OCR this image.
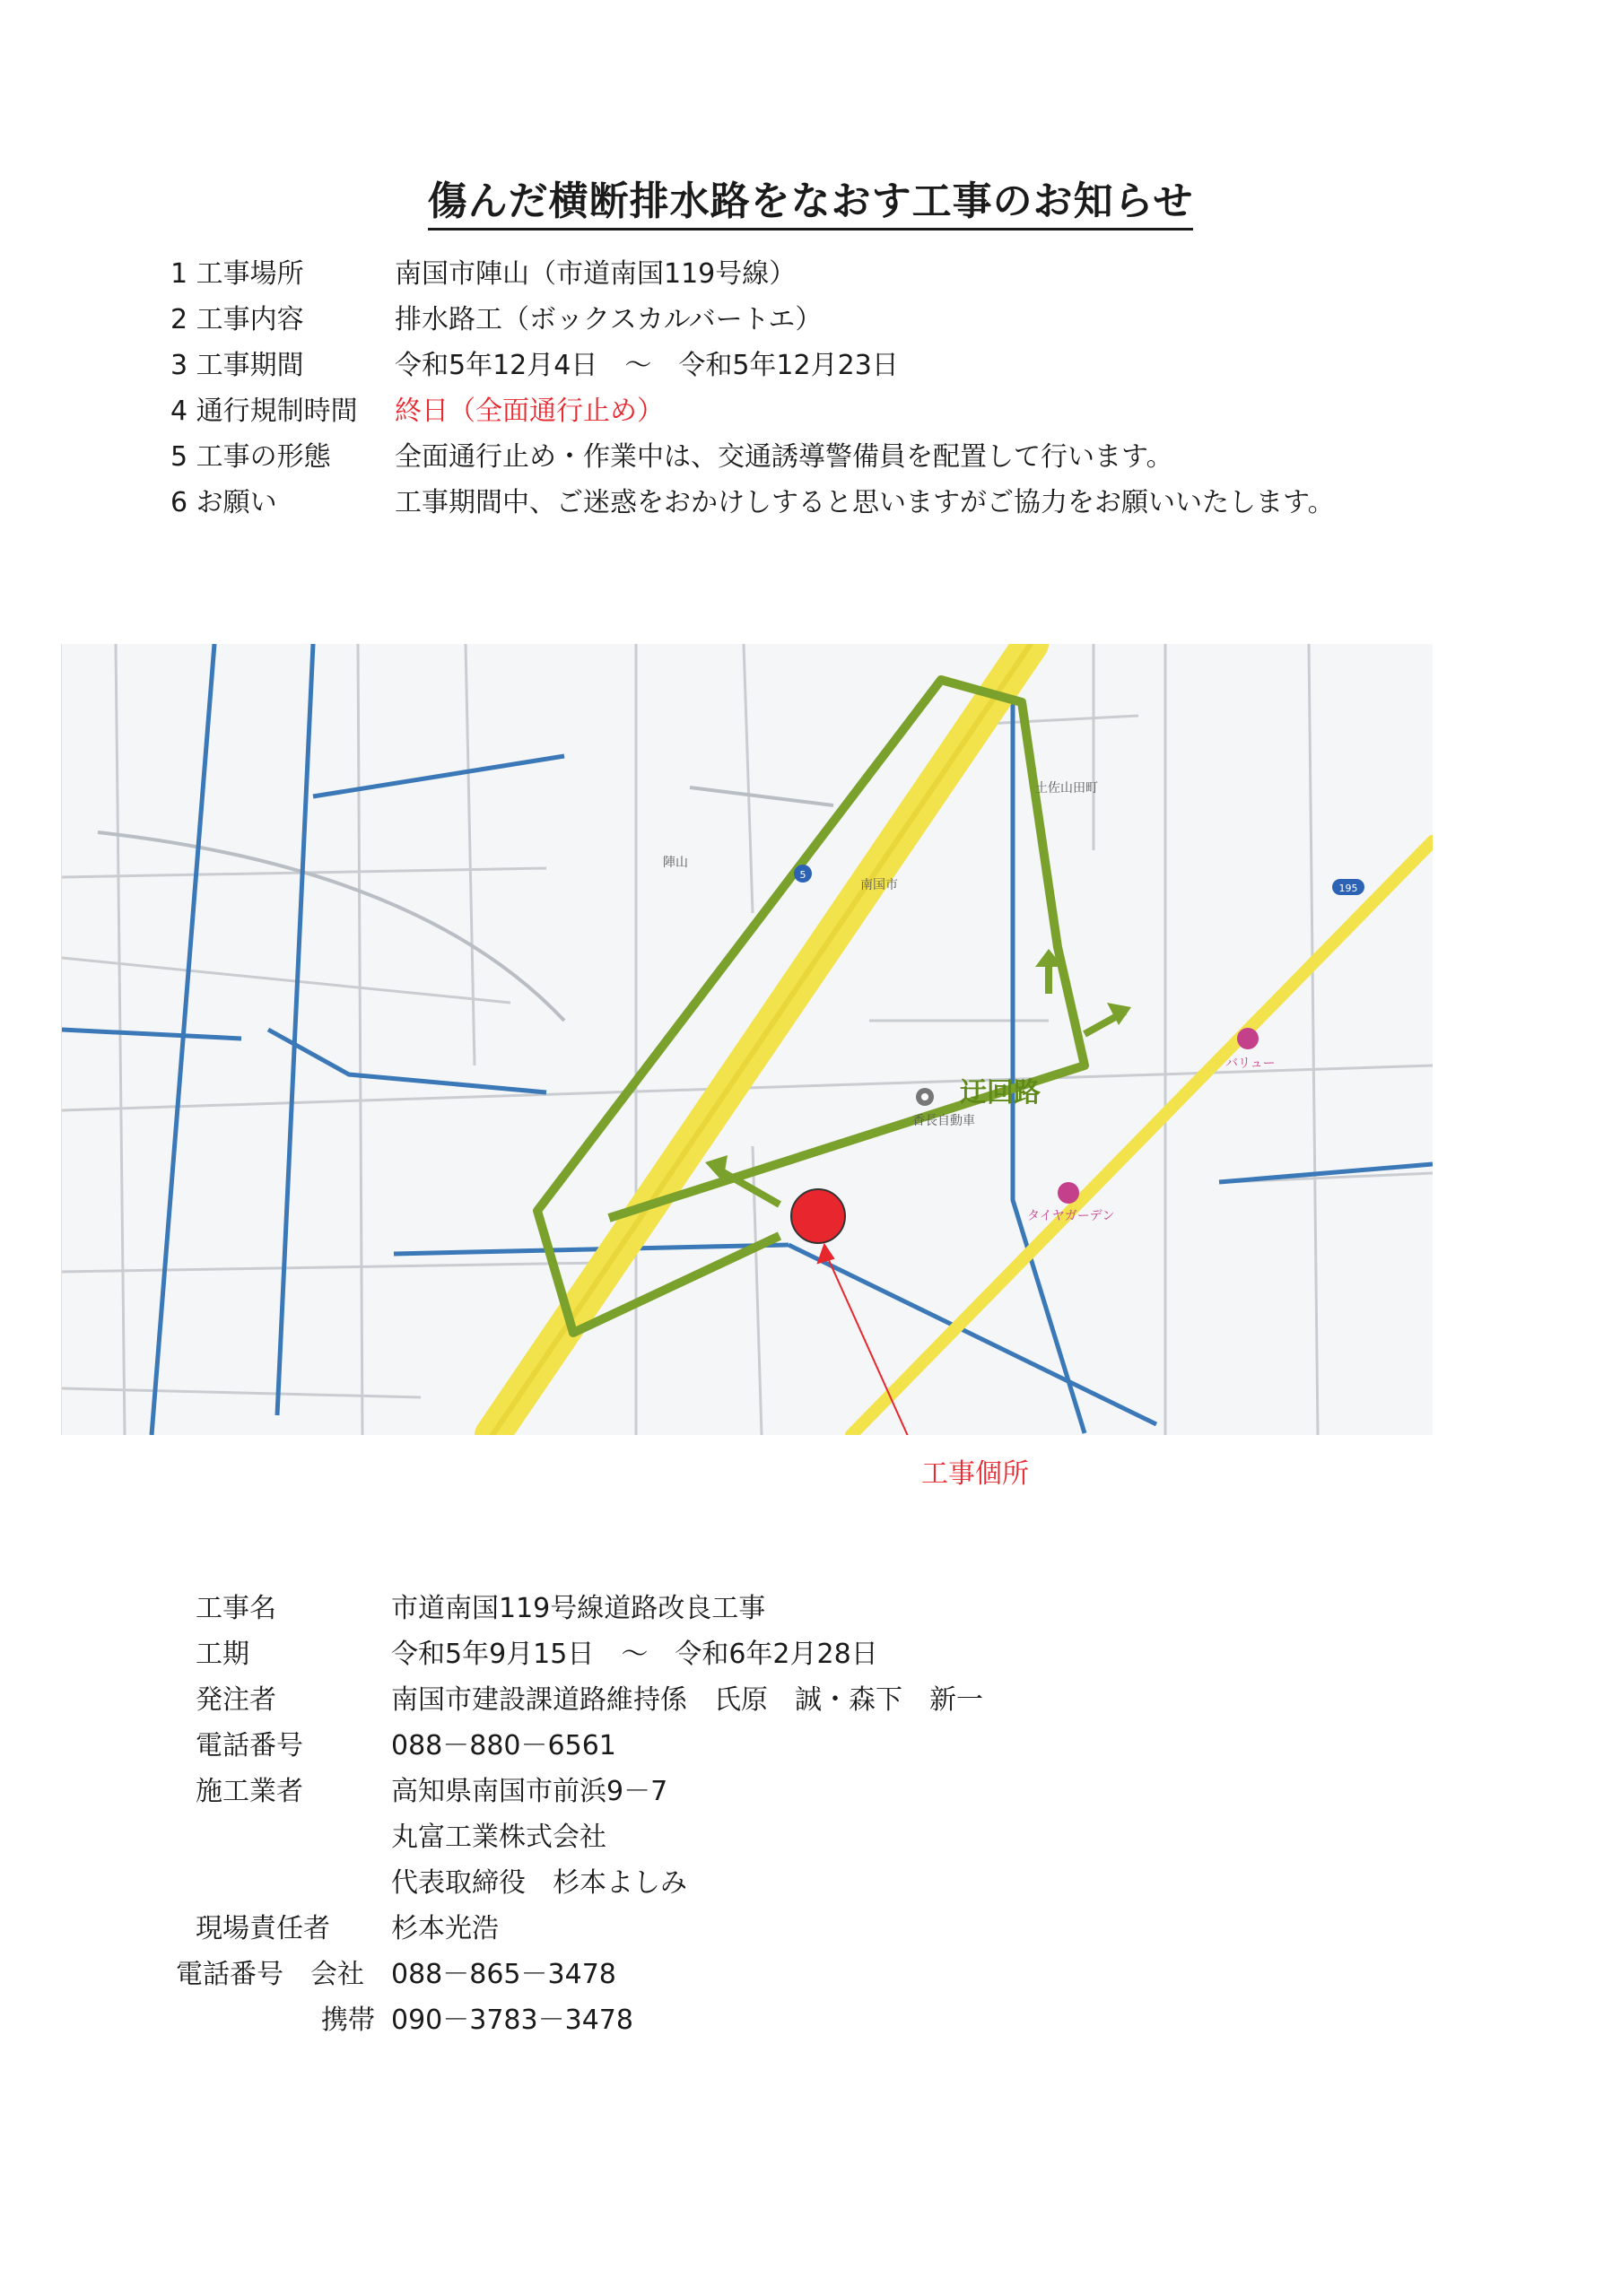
傷んだ横断排水路をなおす工事のお知らせ
1 工事場所	南国市陣山（市道南国119号線）
2 工事内容	排水路工（ボックスカルバートエ）
3 工事期間	令和5年12月4日　～　令和5年12月23日
4 通行規制時間 終日（全面通行止め）
5 工事の形態 全面通行止め・作業中は、交通誘導警備員を配置して行います。
6 お願い	工事期間中、ご迷惑をおかけしすると思いますがご協力をお願いいたします。
陣山
南国市
土佐山田町
香長自動車
タイヤガーデン
バリュー
195
5
迂回路
工事個所
工事名	市道南国119号線道路改良工事
工期	令和5年9月15日　～　令和6年2月28日
発注者	南国市建設課道路維持係　氏原　誠・森下　新一
電話番号	088－880－6561
施工業者	高知県南国市前浜9－7
丸富工業株式会社
代表取締役　杉本よしみ
現場責任者 杉本光浩
電話番号　会社 088－865－3478
携帯 090－3783－3478
